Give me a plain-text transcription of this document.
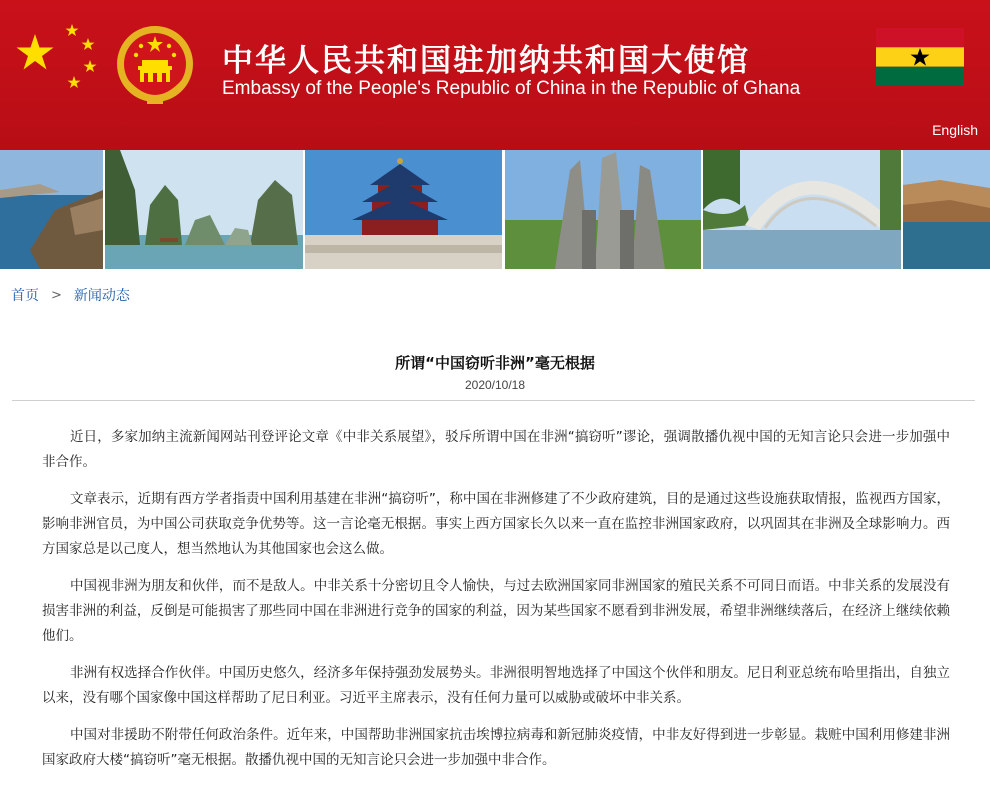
中华人民共和国驻加纳共和国大使馆
Embassy of the People's Republic of China in the Republic of Ghana
English
首页 > 新闻动态
所谓“中国窃听非洲”毫无根据
2020/10/18

近日，多家加纳主流新闻网站刊登评论文章《中非关系展望》，驳斥所谓中国在非洲“搞窃听”谬论，强调散播仇视中国的无知言论只会进一步加强中非合作。

文章表示，近期有西方学者指责中国利用基建在非洲“搞窃听”，称中国在非洲修建了不少政府建筑，目的是通过这些设施获取情报，监视西方国家，影响非洲官员，为中国公司获取竞争优势等。这一言论毫无根据。事实上西方国家长久以来一直在监控非洲国家政府，以巩固其在非洲及全球影响力。西方国家总是以己度人，想当然地认为其他国家也会这么做。

中国视非洲为朋友和伙伴，而不是敌人。中非关系十分密切且令人愉快，与过去欧洲国家同非洲国家的殖民关系不可同日而语。中非关系的发展没有损害非洲的利益，反倒是可能损害了那些同中国在非洲进行竞争的国家的利益，因为某些国家不愿看到非洲发展，希望非洲继续落后，在经济上继续依赖他们。

非洲有权选择合作伙伴。中国历史悠久，经济多年保持强劲发展势头。非洲很明智地选择了中国这个伙伴和朋友。尼日利亚总统布哈里指出，自独立以来，没有哪个国家像中国这样帮助了尼日利亚。习近平主席表示，没有任何力量可以威胁或破坏中非关系。

中国对非援助不附带任何政治条件。近年来，中国帮助非洲国家抗击埃博拉病毒和新冠肺炎疫情，中非友好得到进一步彰显。栽赃中国利用修建非洲国家政府大楼“搞窃听”毫无根据。散播仇视中国的无知言论只会进一步加强中非合作。
